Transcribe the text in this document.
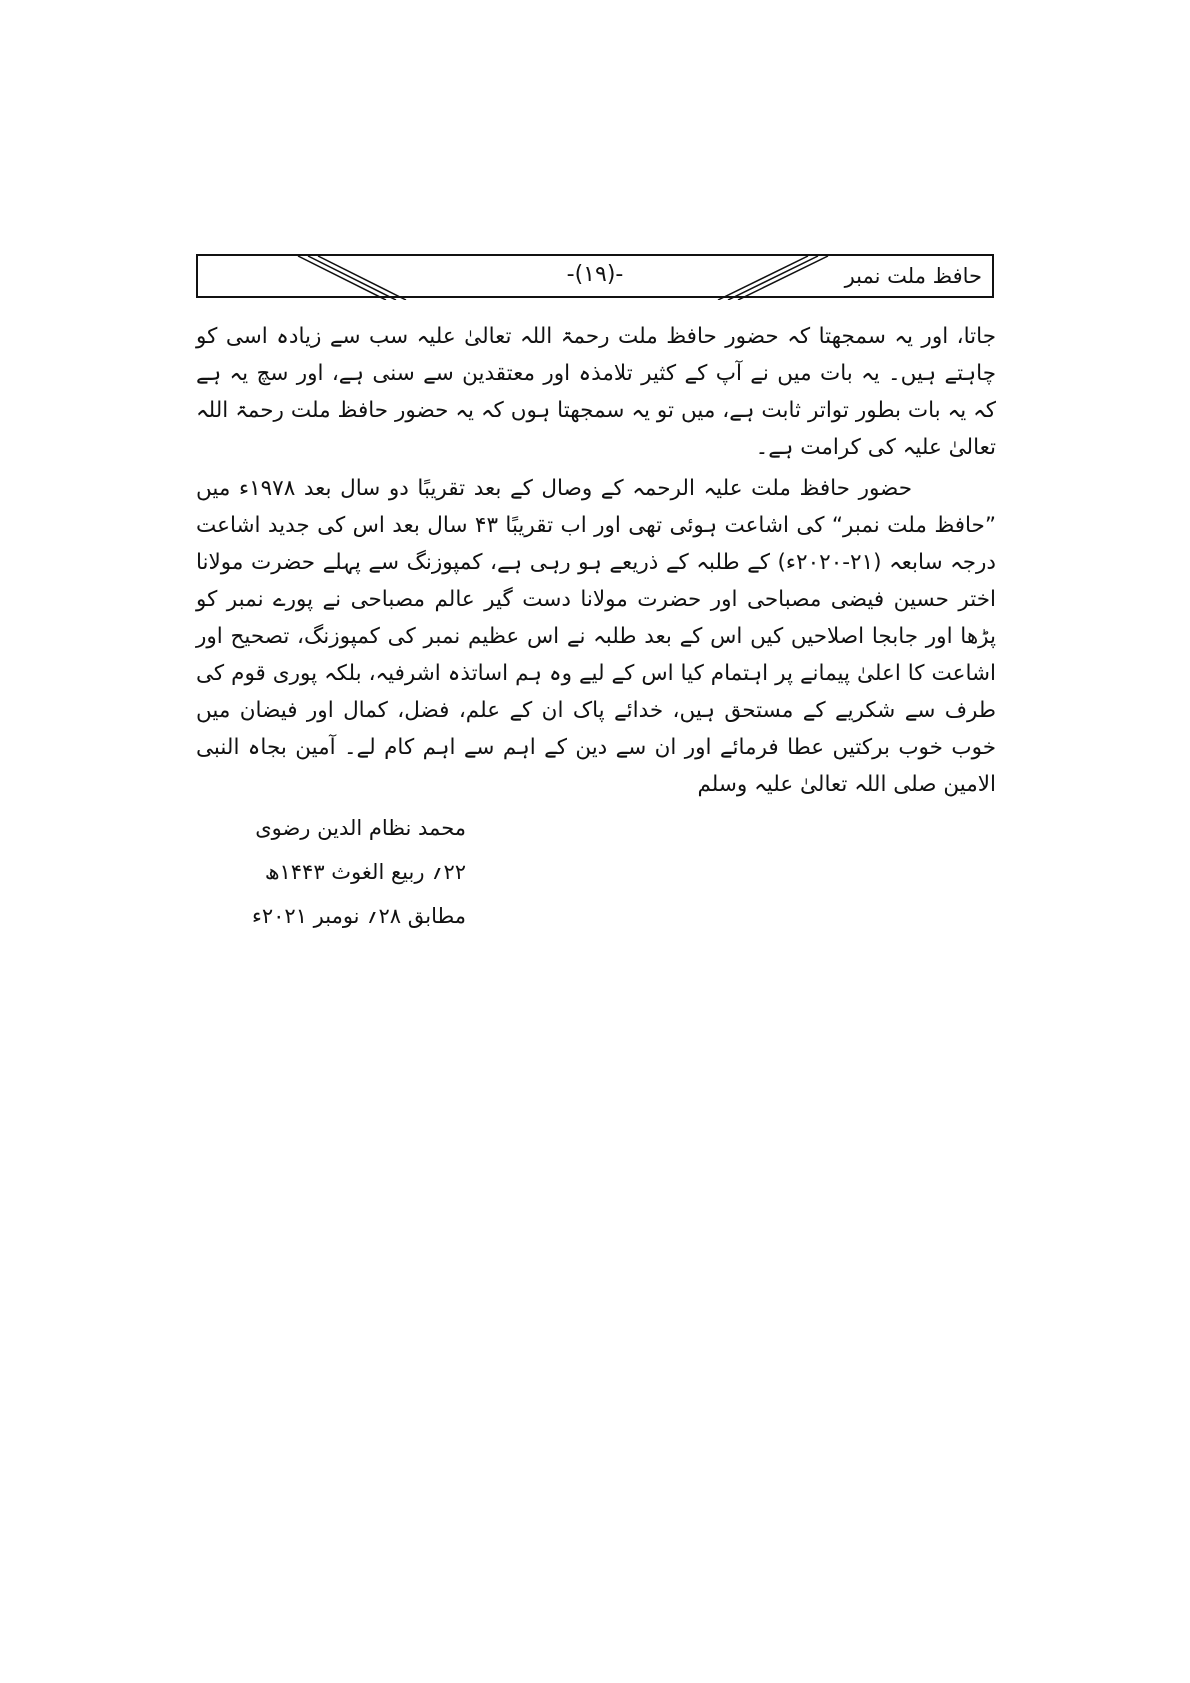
حافظ ملت نمبر
-(۱۹)-

جاتا، اور یہ سمجھتا کہ حضور حافظ ملت رحمۃ اللہ تعالیٰ علیہ سب سے زیادہ اسی کو چاہتے ہیں۔ یہ بات میں نے آپ کے کثیر تلامذہ اور معتقدین سے سنی ہے، اور سچ یہ ہے کہ یہ بات بطور تواتر ثابت ہے، میں تو یہ سمجھتا ہوں کہ یہ حضور حافظ ملت رحمۃ اللہ تعالیٰ علیہ کی کرامت ہے۔

حضور حافظ ملت علیہ الرحمہ کے وصال کے بعد تقریبًا دو سال بعد ۱۹۷۸ء میں ”حافظ ملت نمبر“ کی اشاعت ہوئی تھی اور اب تقریبًا ۴۳ سال بعد اس کی جدید اشاعت درجہ سابعہ (۲۱-۲۰۲۰ء) کے طلبہ کے ذریعے ہو رہی ہے، کمپوزنگ سے پہلے حضرت مولانا اختر حسین فیضی مصباحی اور حضرت مولانا دست گیر عالم مصباحی نے پورے نمبر کو پڑھا اور جابجا اصلاحیں کیں اس کے بعد طلبہ نے اس عظیم نمبر کی کمپوزنگ، تصحیح اور اشاعت کا اعلیٰ پیمانے پر اہتمام کیا اس کے لیے وہ ہم اساتذہ اشرفیہ، بلکہ پوری قوم کی طرف سے شکریے کے مستحق ہیں، خدائے پاک ان کے علم، فضل، کمال اور فیضان میں خوب خوب برکتیں عطا فرمائے اور ان سے دین کے اہم سے اہم کام لے۔ آمین بجاہ النبی الامین صلی اللہ تعالیٰ علیہ وسلم

محمد نظام الدین رضوی
۲۲؍ ربیع الغوث ۱۴۴۳ھ
مطابق ۲۸؍ نومبر ۲۰۲۱ء
